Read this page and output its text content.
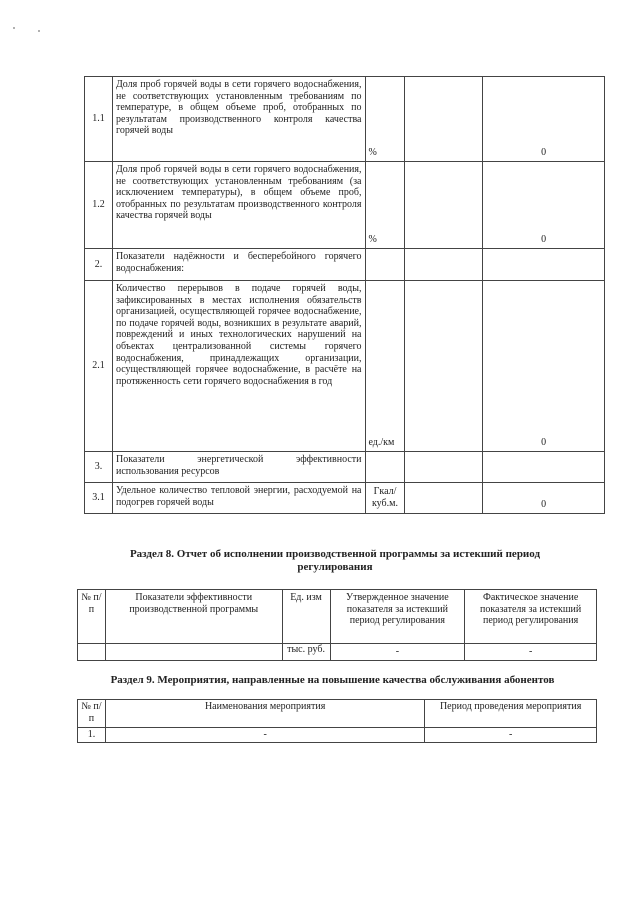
1.1	Доля проб горячей воды в сети горячего водоснабжения, не соответствующих установленным требованиям по температуре, в общем объеме проб, отобранных по результатам производственного контроля качества горячей воды	%		0
1.2	Доля проб горячей воды в сети горячего водоснабжения, не соответствующих установленным требованиям (за исключением температуры), в общем объеме проб, отобранных по результатам производственного контроля качества горячей воды	%		0
2.	Показатели надёжности и бесперебойного горячего водоснабжения:			
2.1	Количество перерывов в подаче горячей воды, зафиксированных в местах исполнения обязательств организацией, осуществляющей горячее водоснабжение, по подаче горячей воды, возникших в результате аварий, повреждений и иных технологических нарушений на объектах централизованной системы горячего водоснабжения, принадлежащих организации, осуществляющей горячее водоснабжение, в расчёте на протяженность сети горячего водоснабжения в год	ед./км		0
3.	Показатели энергетической эффективности использования ресурсов			
3.1	Удельное количество тепловой энергии, расходуемой на подогрев горячей воды	Гкал/ куб.м.		0
Раздел 8. Отчет об исполнении производственной программы за истекший период регулирования
№ п/п	Показатели эффективности производственной программы	Ед. изм	Утвержденное значение показателя за истекший период регулирования	Фактическое значение показателя за истекший период регулирования
		тыс. руб.	-	-
Раздел 9. Мероприятия, направленные на повышение качества обслуживания абонентов
№ п/п	Наименования мероприятия	Период проведения мероприятия
1.	-	-
